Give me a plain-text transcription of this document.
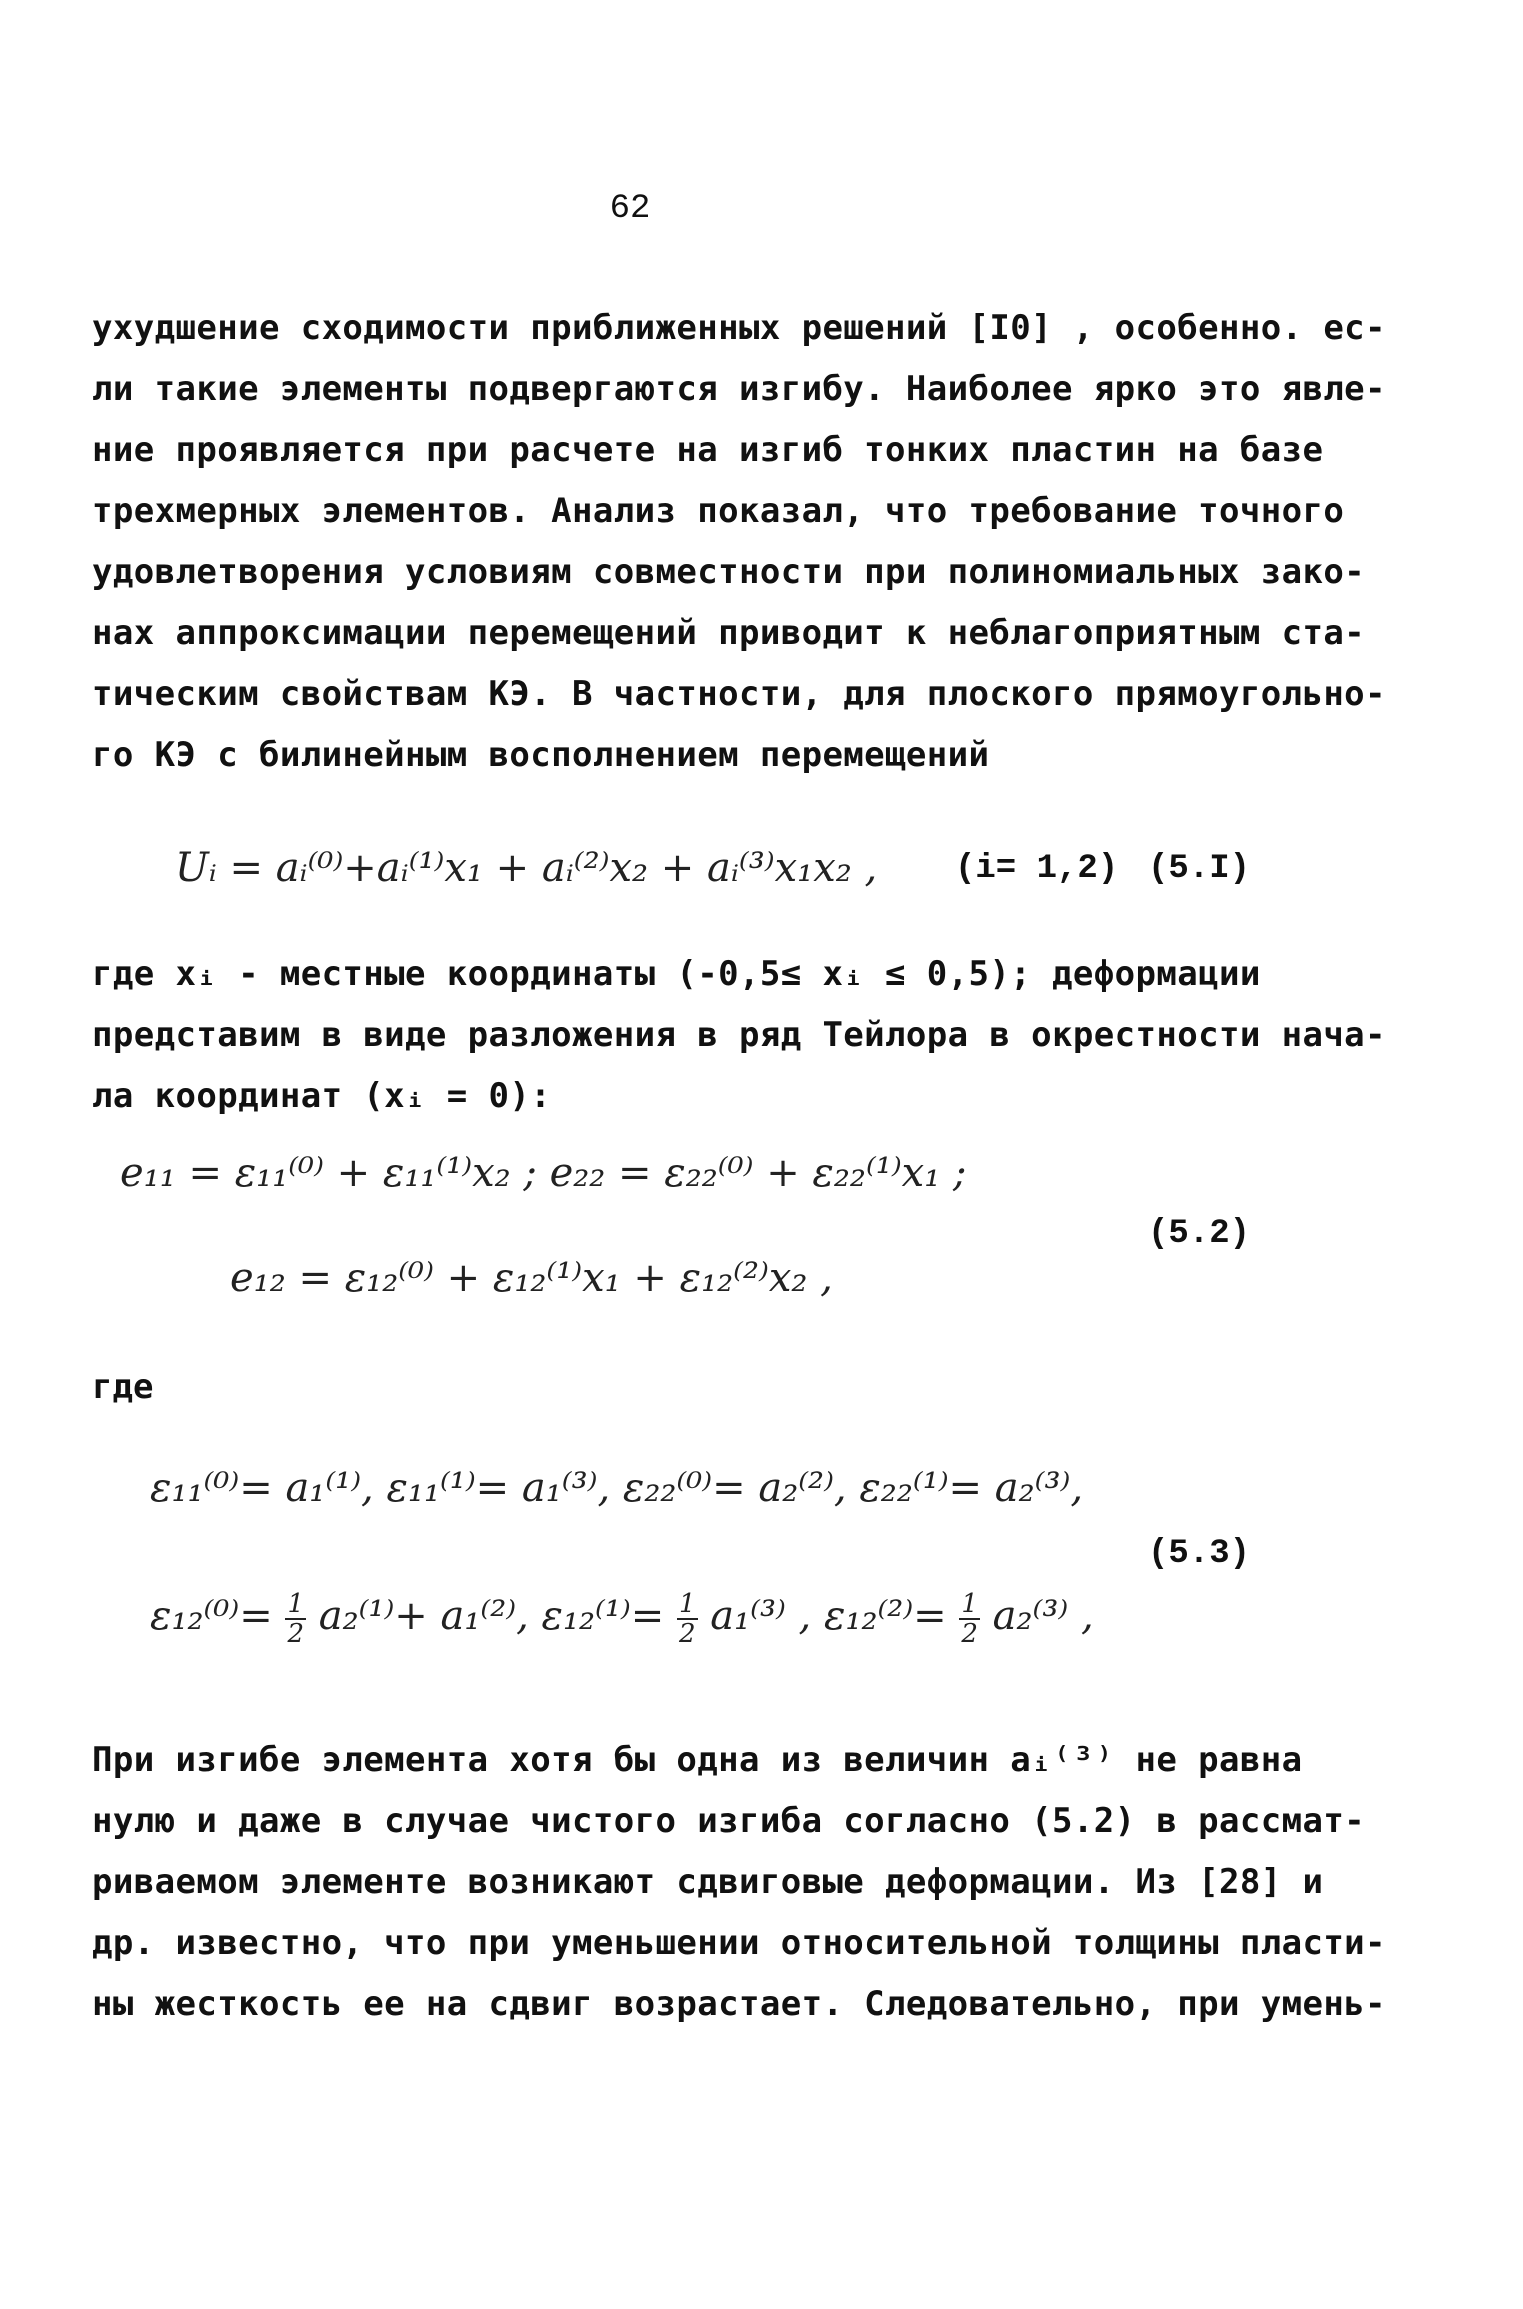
62
ухудшение сходимости приближенных решений [I0] , особенно. ес-
ли такие элементы подвергаются изгибу. Наиболее ярко это явле-
ние проявляется при расчете на изгиб тонких пластин на базе
трехмерных элементов. Анализ показал, что требование точного
удовлетворения условиям совместности при полиномиальных зако-
нах аппроксимации перемещений приводит к неблагоприятным ста-
тическим свойствам КЭ. В частности, для плоского прямоугольно-
го КЭ с билинейным восполнением перемещений
Uᵢ = aᵢ⁽⁰⁾+aᵢ⁽¹⁾x₁ + aᵢ⁽²⁾x₂ + aᵢ⁽³⁾x₁x₂ , (i= 1,2) (5.I)
где xᵢ - местные координаты (-0,5≤ xᵢ ≤ 0,5); деформации
представим в виде разложения в ряд Тейлора в окрестности нача-
ла координат (xᵢ = 0):
e₁₁ = ε₁₁⁽⁰⁾ + ε₁₁⁽¹⁾x₂ ; e₂₂ = ε₂₂⁽⁰⁾ + ε₂₂⁽¹⁾x₁ ;
e₁₂ = ε₁₂⁽⁰⁾ + ε₁₂⁽¹⁾x₁ + ε₁₂⁽²⁾x₂ ,
(5.2)
где
ε₁₁⁽⁰⁾= a₁⁽¹⁾, ε₁₁⁽¹⁾= a₁⁽³⁾, ε₂₂⁽⁰⁾= a₂⁽²⁾, ε₂₂⁽¹⁾= a₂⁽³⁾,
$\varepsilon_{12}^{(0)}= \frac{1}{2} a_2^{(1)}+ a_1^{(2)}$, $\varepsilon_{12}^{(1)}= \frac{1}{2} a_1^{(3)}$ , $\varepsilon_{12}^{(2)}= \frac{1}{2} a_2^{(3)}$ ,
(5.3)
При изгибе элемента хотя бы одна из величин aᵢ⁽³⁾ не равна
нулю и даже в случае чистого изгиба согласно (5.2) в рассмат-
риваемом элементе возникают сдвиговые деформации. Из [28] и
др. известно, что при уменьшении относительной толщины пласти-
ны жесткость ее на сдвиг возрастает. Следовательно, при умень-
